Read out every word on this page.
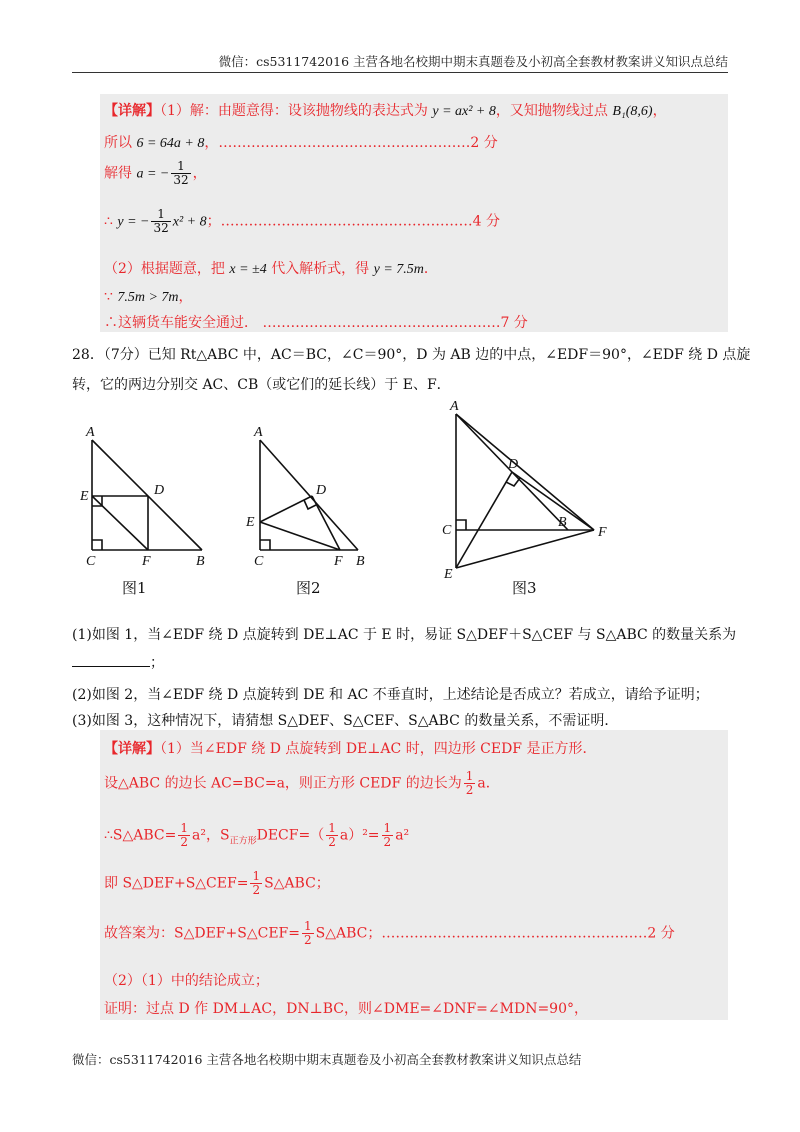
微信：cs5311742016 主营各地名校期中期末真题卷及小初高全套教材教案讲义知识点总结
【详解】（1）解：由题意得：设该抛物线的表达式为 y = ax² + 8，又知抛物线过点 B₁(8,6)，
所以 6 = 64a + 8，………………………………………………2 分
解得 a = − $\frac{1}{32}$ ，
∴ y = − $\frac{1}{32} x^2 + 8$；………………………………………………4 分
（2）根据题意，把 x = ±4 代入解析式，得 y = 7.5m．
∵ 7.5m > 7m，
∴这辆货车能安全通过． ……………………………………………7 分
28．（7分）已知 Rt△ABC 中，AC＝BC，∠C＝90°，D 为 AB 边的中点，∠EDF＝90°，∠EDF 绕 D 点旋
转，它的两边分别交 AC、CB（或它们的延长线）于 E、F．
A
E	D
C	F	B
图1
A
D
E
C	F B
图2
A
D
C
B
F
E
图3
(1)如图 1，当∠EDF 绕 D 点旋转到 DE⊥AC 于 E 时，易证 S△DEF＋S△CEF 与 S△ABC 的数量关系为
；
(2)如图 2，当∠EDF 绕 D 点旋转到 DE 和 AC 不垂直时，上述结论是否成立？若成立，请给予证明；
(3)如图 3，这种情况下，请猜想 S△DEF、S△CEF、S△ABC 的数量关系，不需证明．
【详解】（1）当∠EDF 绕 D 点旋转到 DE⊥AC 时，四边形 CEDF 是正方形．
设△ABC 的边长 AC=BC=a，则正方形 CEDF 的边长为 $\frac{1}{2}$ a．
∴S△ABC= $\frac{1}{2} a^2$，$S_{正方形}DECF=( \frac{1}{2} a)^2= \frac{1}{2} a^2$
即 S△DEF+S△CEF= $\frac{1}{2}$ S△ABC；
故答案为：S△DEF+S△CEF= $\frac{1}{2}$ S△ABC；…………………………………………………2 分
（2）（1）中的结论成立；
证明：过点 D 作 DM⊥AC，DN⊥BC，则∠DME=∠DNF=∠MDN=90°，
微信：cs5311742016 主营各地名校期中期末真题卷及小初高全套教材教案讲义知识点总结
